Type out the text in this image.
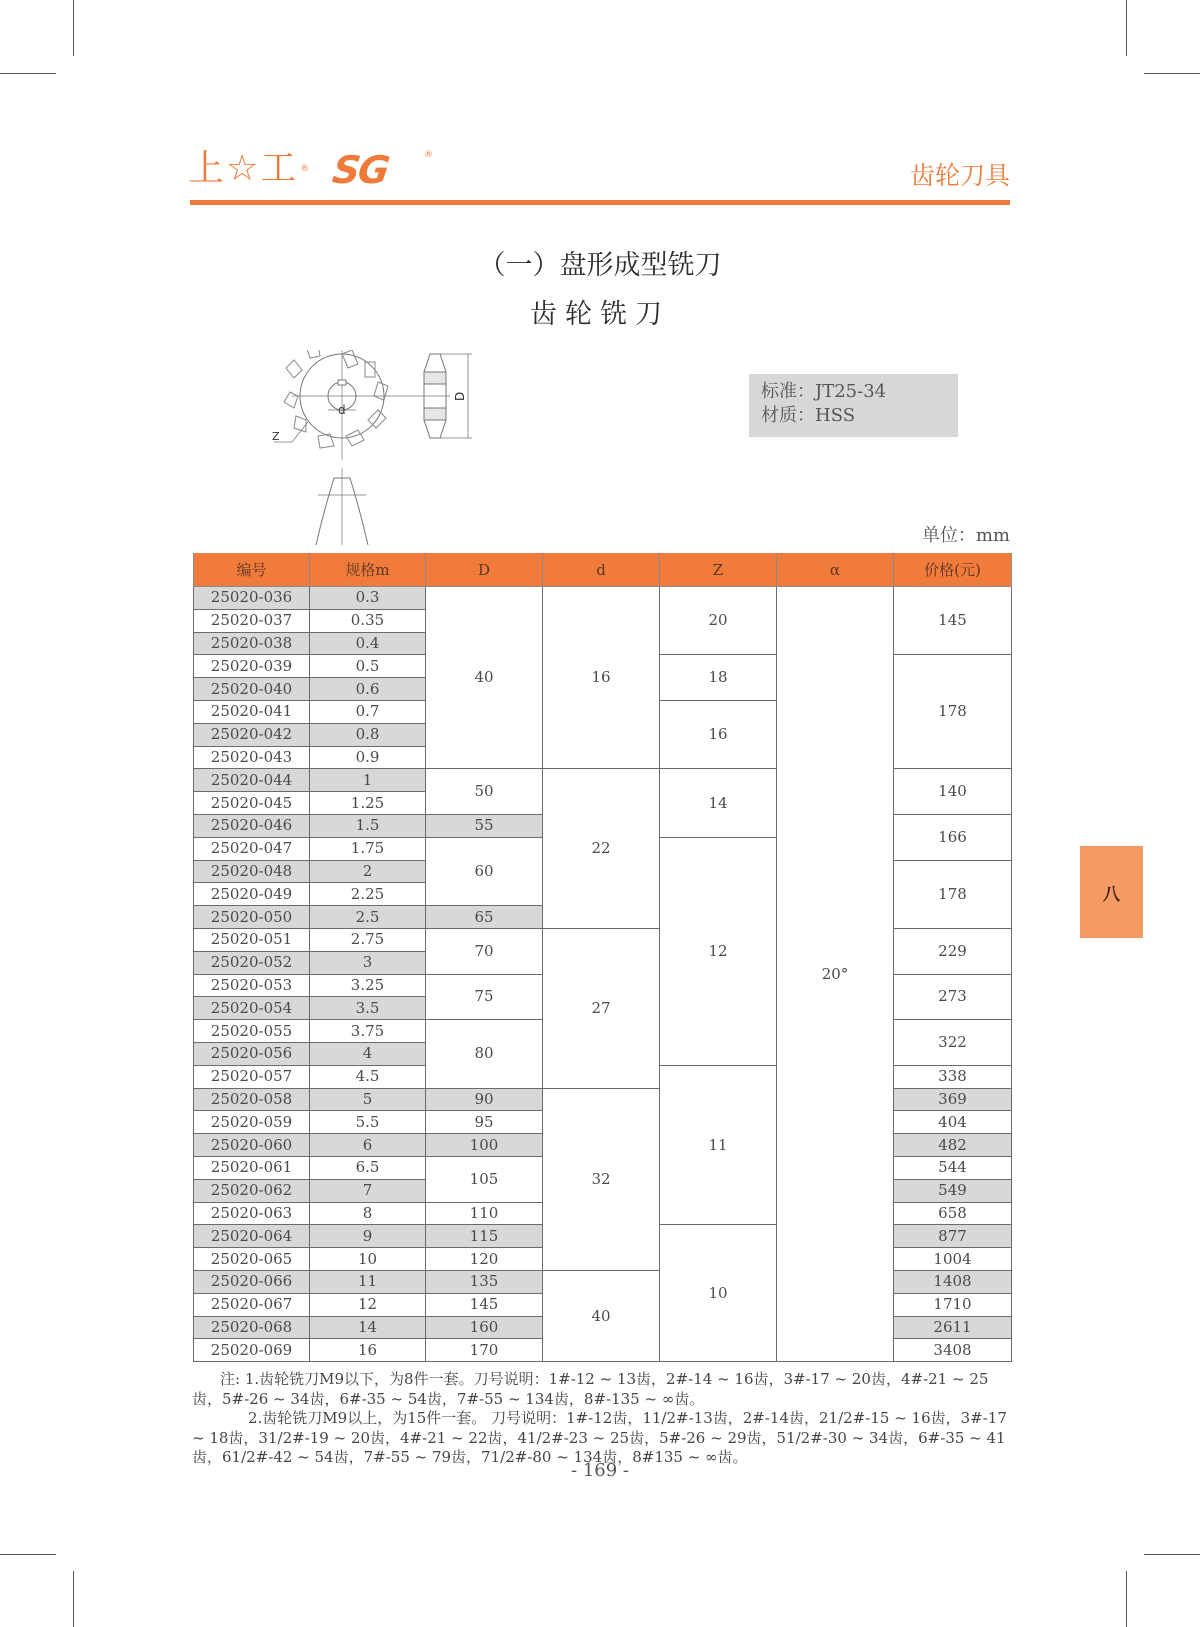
上☆工 ® SG	®
齿轮刀具
（一）盘形成型铣刀
齿轮铣刀
d
Z
D	标准：JT25-34
材质：HSS
单位：mm
编号	规格m	D	d	Z	α	价格(元)
25020-036	0.3	40	16	20	20°	145
25020-037	0.35					
25020-038	0.4					
25020-039	0.5			18		178
25020-040	0.6					
25020-041	0.7			16		
25020-042	0.8					
25020-043	0.9					
25020-044	1	50	22	14		140
25020-045	1.25					
25020-046	1.5	55				166
25020-047	1.75	60		12		
25020-048	2					178
25020-049	2.25					
25020-050	2.5	65				
25020-051	2.75	70	27			229
25020-052	3					
25020-053	3.25	75				273
25020-054	3.5					
25020-055	3.75	80				322
25020-056	4					
25020-057	4.5			11		338
25020-058	5	90	32			369
25020-059	5.5	95				404
25020-060	6	100				482
25020-061	6.5	105				544
25020-062	7					549
25020-063	8	110				658
25020-064	9	115		10		877
25020-065	10	120				1004
25020-066	11	135	40			1408
25020-067	12	145				1710
25020-068	14	160				2611
25020-069	16	170				3408
注: 1.齿轮铣刀M9以下，为8件一套。刀号说明：1#-12 ~ 13齿，2#-14 ~ 16齿，3#-17 ~ 20齿，4#-21 ~ 25齿，5#-26 ~ 34齿，6#-35 ~ 54齿，7#-55 ~ 134齿，8#-135 ~ ∞齿。
2.齿轮铣刀M9以上，为15件一套。 刀号说明：1#-12齿，11/2#-13齿，2#-14齿，21/2#-15 ~ 16齿，3#-17 ~ 18齿，31/2#-19 ~ 20齿，4#-21 ~ 22齿，41/2#-23 ~ 25齿，5#-26 ~ 29齿，51/2#-30 ~ 34齿，6#-35 ~ 41齿，61/2#-42 ~ 54齿，7#-55 ~ 79齿，71/2#-80 ~ 134齿，8#135 ~ ∞齿。
- 169 -
八
